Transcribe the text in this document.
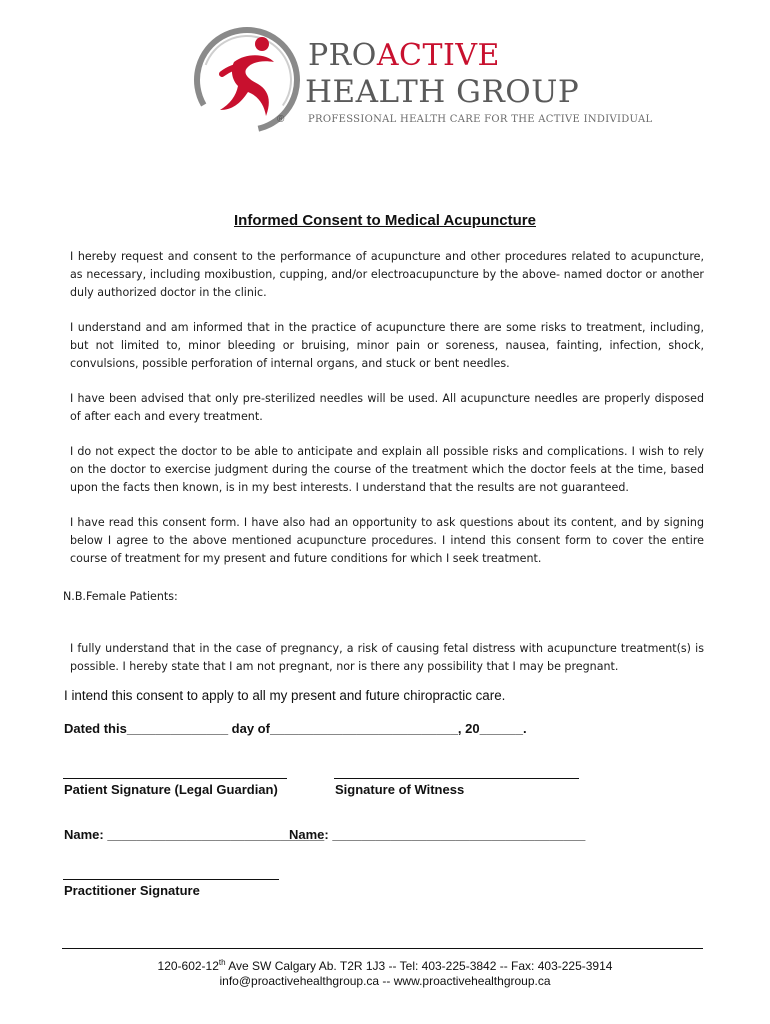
PROACTIVE
HEALTH GROUP
PROFESSIONAL HEALTH CARE FOR THE ACTIVE INDIVIDUAL
®
Informed Consent to Medical Acupuncture
I hereby request and consent to the performance of acupuncture and other procedures related to acupuncture, as necessary, including moxibustion, cupping, and/or electroacupuncture by the above- named doctor or another duly authorized doctor in the clinic.
I understand and am informed that in the practice of acupuncture there are some risks to treatment, including, but not limited to, minor bleeding or bruising, minor pain or soreness, nausea, fainting, infection, shock, convulsions, possible perforation of internal organs, and stuck or bent needles.
I have been advised that only pre-sterilized needles will be used. All acupuncture needles are properly disposed of after each and every treatment.
I do not expect the doctor to be able to anticipate and explain all possible risks and complications. I wish to rely on the doctor to exercise judgment during the course of the treatment which the doctor feels at the time, based upon the facts then known, is in my best interests. I understand that the results are not guaranteed.
I have read this consent form. I have also had an opportunity to ask questions about its content, and by signing below I agree to the above mentioned acupuncture procedures. I intend this consent form to cover the entire course of treatment for my present and future conditions for which I seek treatment.
N.B.Female Patients:
I fully understand that in the case of pregnancy, a risk of causing fetal distress with acupuncture treatment(s) is possible. I hereby state that I am not pregnant, nor is there any possibility that I may be pregnant.
I intend this consent to apply to all my present and future chiropractic care.
Dated this______________ day of__________________________, 20______.
Patient Signature (Legal Guardian)	Signature of Witness
Name: ______________________________
Name: ___________________________________
Practitioner Signature
120-602-12th Ave SW Calgary Ab. T2R 1J3 -- Tel: 403-225-3842 -- Fax: 403-225-3914
info@proactivehealthgroup.ca -- www.proactivehealthgroup.ca
